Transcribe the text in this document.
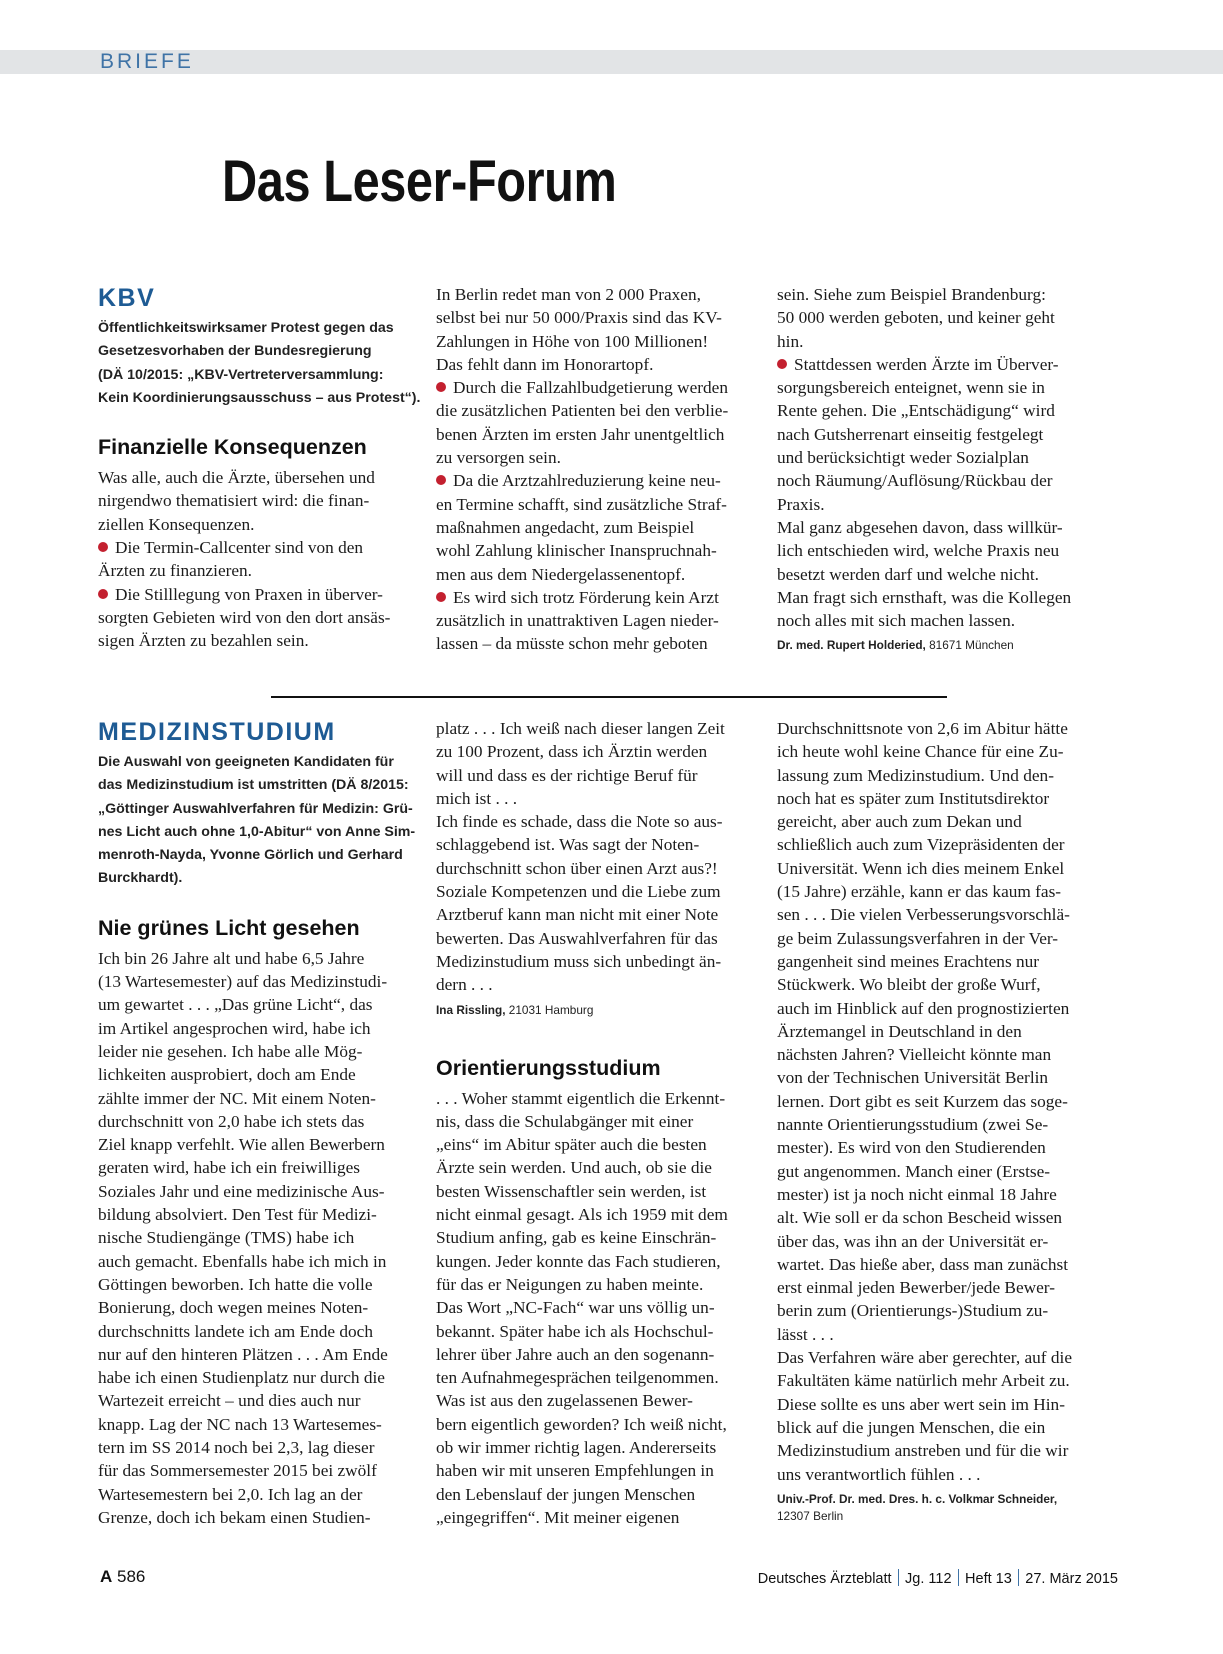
BRIEFE
Das Leser-Forum
KBV

Öffentlichkeitswirksamer Protest gegen das

Gesetzesvorhaben der Bundesregierung

(DÄ 10/2015: „KBV-Vertreterversammlung:

Kein Koordinierungsausschuss – aus Protest“).

Finanzielle Konsequenzen

Was alle, auch die Ärzte, übersehen und

nirgendwo thematisiert wird: die finan-

ziellen Konsequenzen.

Die Termin-Callcenter sind von den

Ärzten zu finanzieren.

Die Stilllegung von Praxen in überver-

sorgten Gebieten wird von den dort ansäs-

sigen Ärzten zu bezahlen sein.

In Berlin redet man von 2 000 Praxen,

selbst bei nur 50 000/Praxis sind das KV-

Zahlungen in Höhe von 100 Millionen!

Das fehlt dann im Honorartopf.

Durch die Fallzahlbudgetierung werden

die zusätzlichen Patienten bei den verblie-

benen Ärzten im ersten Jahr unentgeltlich

zu versorgen sein.

Da die Arztzahlreduzierung keine neu-

en Termine schafft, sind zusätzliche Straf-

maßnahmen angedacht, zum Beispiel

wohl Zahlung klinischer Inanspruchnah-

men aus dem Niedergelassenentopf.

Es wird sich trotz Förderung kein Arzt

zusätzlich in unattraktiven Lagen nieder-

lassen – da müsste schon mehr geboten

sein. Siehe zum Beispiel Brandenburg:

50 000 werden geboten, und keiner geht

hin.

Stattdessen werden Ärzte im Überver-

sorgungsbereich enteignet, wenn sie in

Rente gehen. Die „Entschädigung“ wird

nach Gutsherrenart einseitig festgelegt

und berücksichtigt weder Sozialplan

noch Räumung/Auflösung/Rückbau der

Praxis.

Mal ganz abgesehen davon, dass willkür-

lich entschieden wird, welche Praxis neu

besetzt werden darf und welche nicht.

Man fragt sich ernsthaft, was die Kollegen

noch alles mit sich machen lassen.

Dr. med. Rupert Holderied, 81671 München
MEDIZINSTUDIUM

Die Auswahl von geeigneten Kandidaten für

das Medizinstudium ist umstritten (DÄ 8/2015:

„Göttinger Auswahlverfahren für Medizin: Grü-

nes Licht auch ohne 1,0-Abitur“ von Anne Sim-

menroth-Nayda, Yvonne Görlich und Gerhard

Burckhardt).

Nie grünes Licht gesehen

Ich bin 26 Jahre alt und habe 6,5 Jahre

(13 Wartesemester) auf das Medizinstudi-

um gewartet . . . „Das grüne Licht“, das

im Artikel angesprochen wird, habe ich

leider nie gesehen. Ich habe alle Mög-

lichkeiten ausprobiert, doch am Ende

zählte immer der NC. Mit einem Noten-

durchschnitt von 2,0 habe ich stets das

Ziel knapp verfehlt. Wie allen Bewerbern

geraten wird, habe ich ein freiwilliges

Soziales Jahr und eine medizinische Aus-

bildung absolviert. Den Test für Medizi-

nische Studiengänge (TMS) habe ich

auch gemacht. Ebenfalls habe ich mich in

Göttingen beworben. Ich hatte die volle

Bonierung, doch wegen meines Noten-

durchschnitts landete ich am Ende doch

nur auf den hinteren Plätzen . . . Am Ende

habe ich einen Studienplatz nur durch die

Wartezeit erreicht – und dies auch nur

knapp. Lag der NC nach 13 Wartesemes-

tern im SS 2014 noch bei 2,3, lag dieser

für das Sommersemester 2015 bei zwölf

Wartesemestern bei 2,0. Ich lag an der

Grenze, doch ich bekam einen Studien-

platz . . . Ich weiß nach dieser langen Zeit

zu 100 Prozent, dass ich Ärztin werden

will und dass es der richtige Beruf für

mich ist . . .

Ich finde es schade, dass die Note so aus-

schlaggebend ist. Was sagt der Noten-

durchschnitt schon über einen Arzt aus?!

Soziale Kompetenzen und die Liebe zum

Arztberuf kann man nicht mit einer Note

bewerten. Das Auswahlverfahren für das

Medizinstudium muss sich unbedingt än-

dern . . .

Ina Rissling, 21031 Hamburg
Orientierungsstudium

. . . Woher stammt eigentlich die Erkennt-

nis, dass die Schulabgänger mit einer

„eins“ im Abitur später auch die besten

Ärzte sein werden. Und auch, ob sie die

besten Wissenschaftler sein werden, ist

nicht einmal gesagt. Als ich 1959 mit dem

Studium anfing, gab es keine Einschrän-

kungen. Jeder konnte das Fach studieren,

für das er Neigungen zu haben meinte.

Das Wort „NC-Fach“ war uns völlig un-

bekannt. Später habe ich als Hochschul-

lehrer über Jahre auch an den sogenann-

ten Aufnahmegesprächen teilgenommen.

Was ist aus den zugelassenen Bewer-

bern eigentlich geworden? Ich weiß nicht,

ob wir immer richtig lagen. Andererseits

haben wir mit unseren Empfehlungen in

den Lebenslauf der jungen Menschen

„eingegriffen“. Mit meiner eigenen

Durchschnittsnote von 2,6 im Abitur hätte

ich heute wohl keine Chance für eine Zu-

lassung zum Medizinstudium. Und den-

noch hat es später zum Institutsdirektor

gereicht, aber auch zum Dekan und

schließlich auch zum Vizepräsidenten der

Universität. Wenn ich dies meinem Enkel

(15 Jahre) erzähle, kann er das kaum fas-

sen . . . Die vielen Verbesserungsvorschlä-

ge beim Zulassungsverfahren in der Ver-

gangenheit sind meines Erachtens nur

Stückwerk. Wo bleibt der große Wurf,

auch im Hinblick auf den prognostizierten

Ärztemangel in Deutschland in den

nächsten Jahren? Vielleicht könnte man

von der Technischen Universität Berlin

lernen. Dort gibt es seit Kurzem das soge-

nannte Orientierungsstudium (zwei Se-

mester). Es wird von den Studierenden

gut angenommen. Manch einer (Erstse-

mester) ist ja noch nicht einmal 18 Jahre

alt. Wie soll er da schon Bescheid wissen

über das, was ihn an der Universität er-

wartet. Das hieße aber, dass man zunächst

erst einmal jeden Bewerber/jede Bewer-

berin zum (Orientierungs-)Studium zu-

lässt . . .

Das Verfahren wäre aber gerechter, auf die

Fakultäten käme natürlich mehr Arbeit zu.

Diese sollte es uns aber wert sein im Hin-

blick auf die jungen Menschen, die ein

Medizinstudium anstreben und für die wir

uns verantwortlich fühlen . . .

Univ.-Prof. Dr. med. Dres. h. c. Volkmar Schneider,
12307 Berlin
A 586	Deutsches Ärzteblatt Jg. 112 Heft 13 27. März 2015
